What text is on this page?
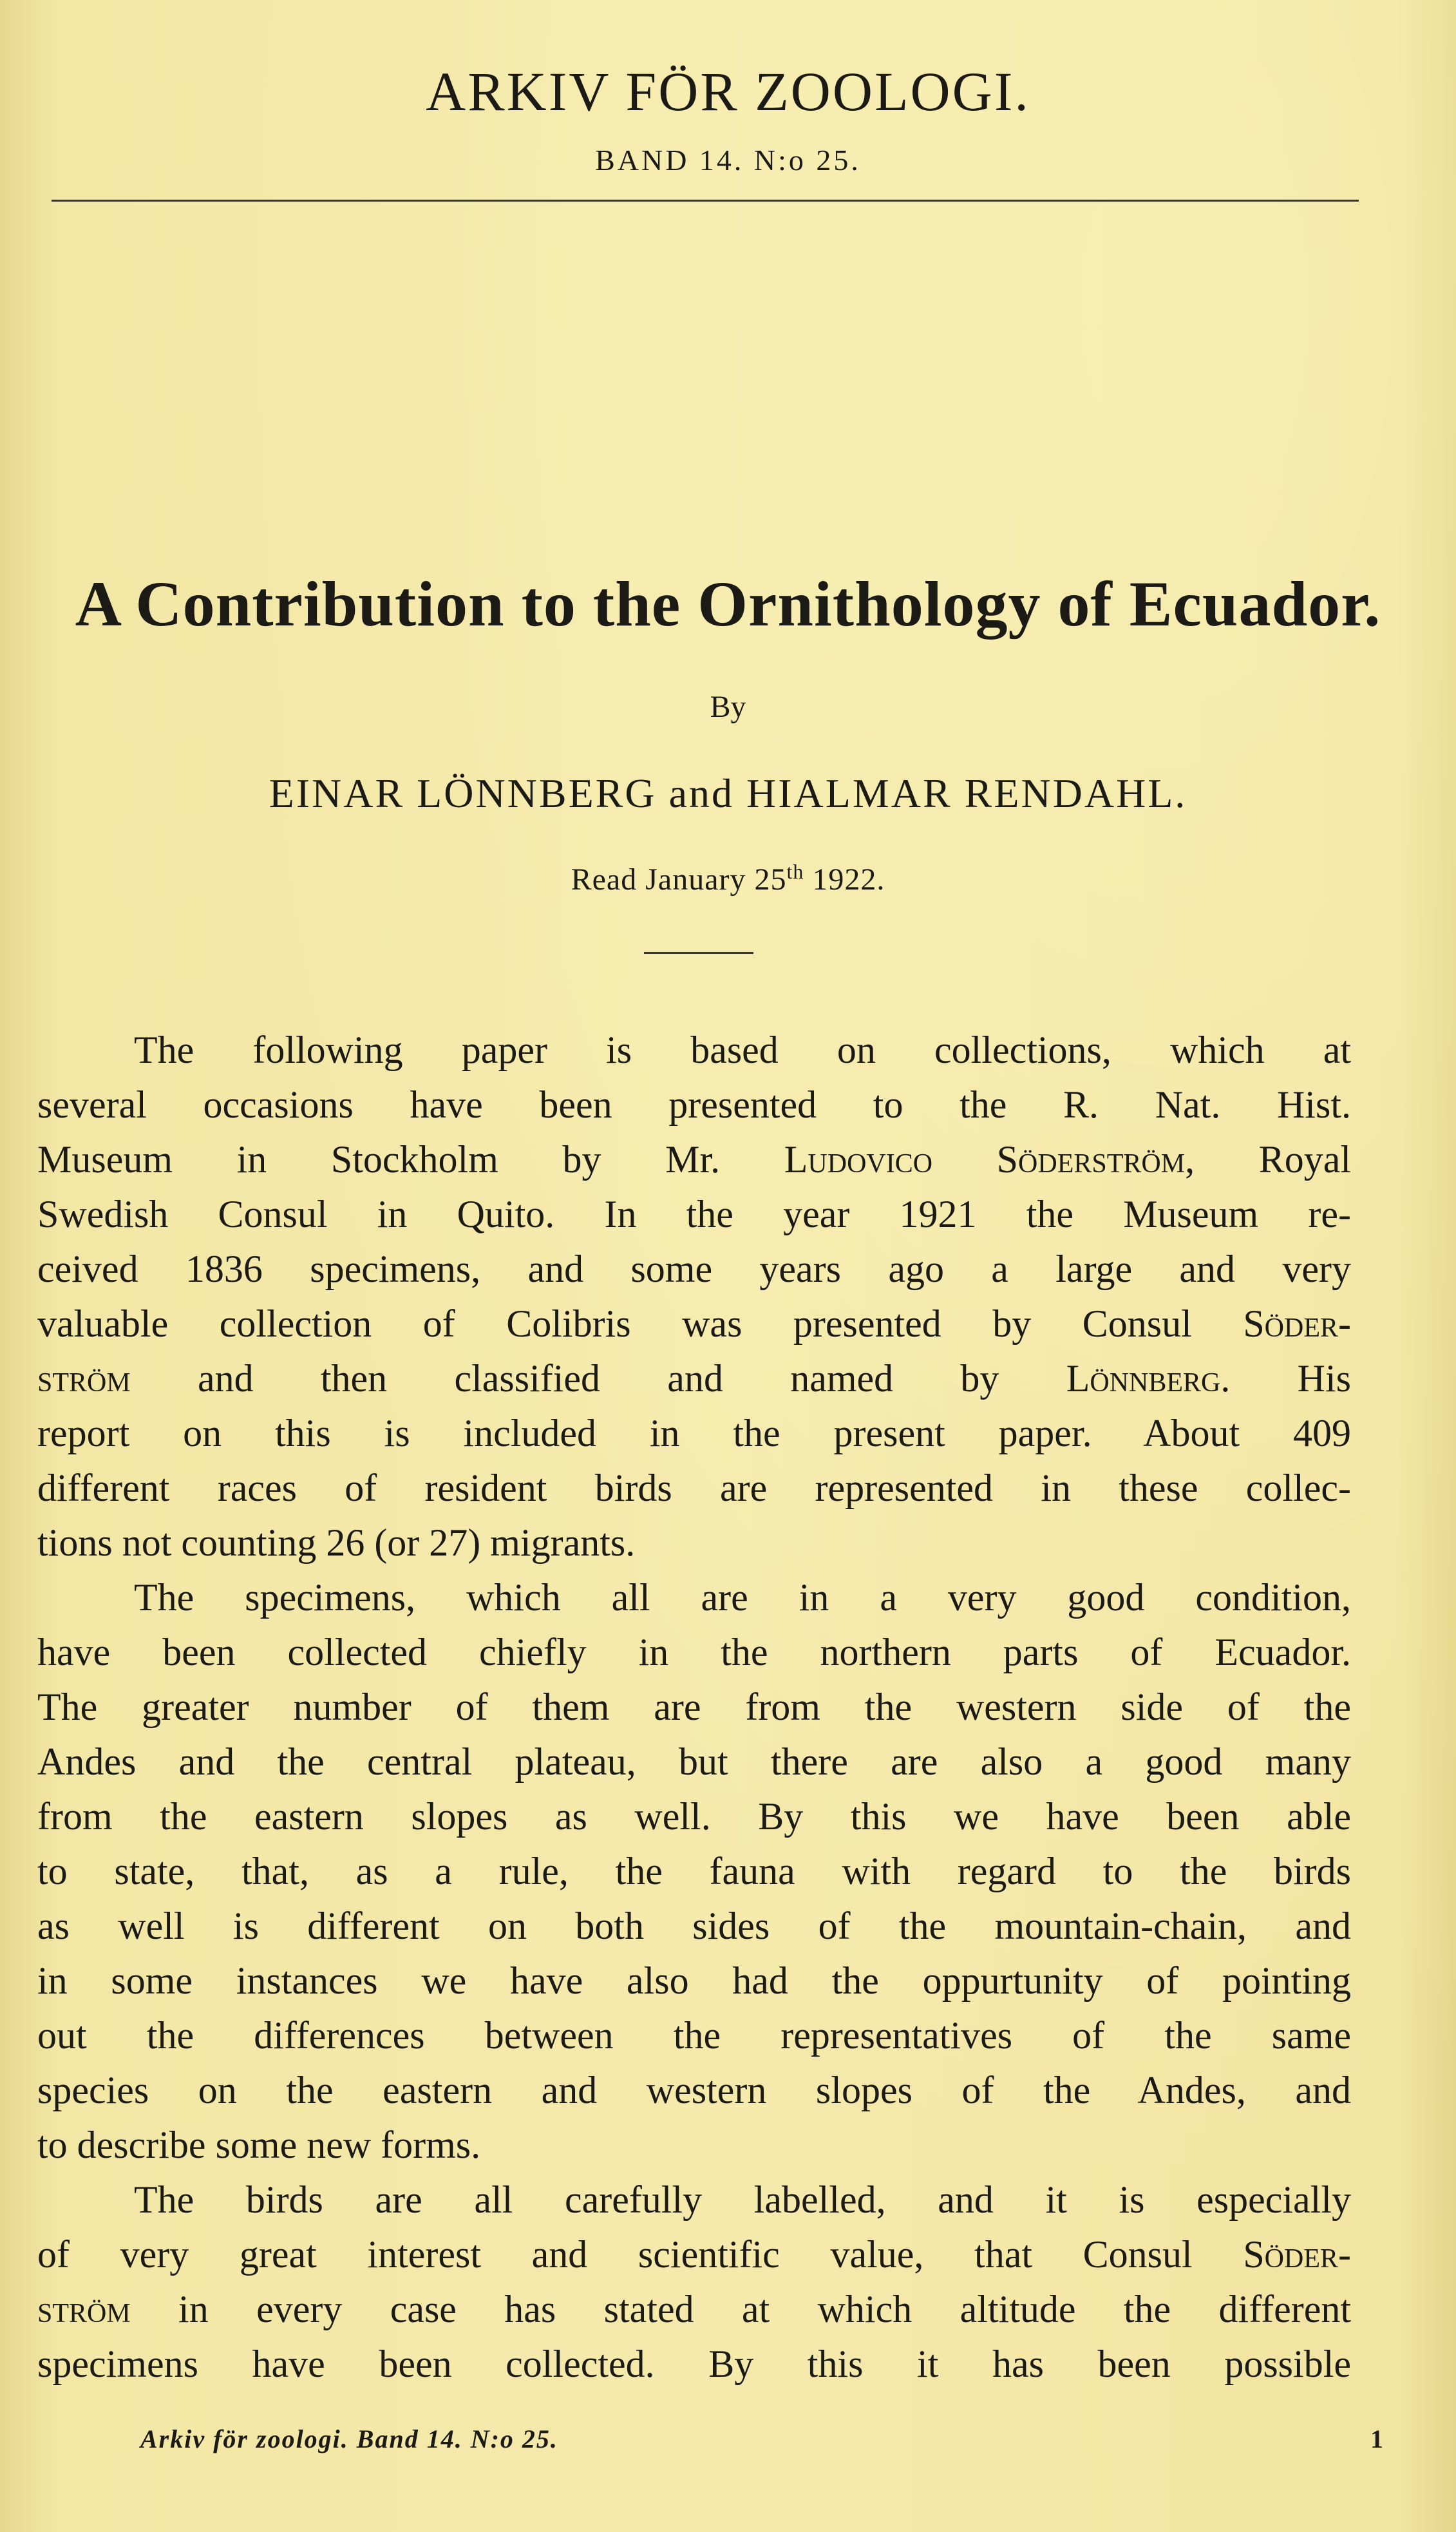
ARKIV FÖR ZOOLOGI.
BAND 14. N:o 25.
A Contribution to the Ornithology of Ecuador.
By
EINAR LÖNNBERG and HIALMAR RENDAHL.
Read January 25th 1922.
The following paper is based on collections, which at
several occasions have been presented to the R. Nat. Hist.
Museum in Stockholm by Mr. Ludovico Söderström, Royal
Swedish Consul in Quito. In the year 1921 the Museum re-
ceived 1836 specimens, and some years ago a large and very
valuable collection of Colibris was presented by Consul Söder-
ström and then classified and named by Lönnberg. His
report on this is included in the present paper. About 409
different races of resident birds are represented in these collec-
tions not counting 26 (or 27) migrants.
The specimens, which all are in a very good condition,
have been collected chiefly in the northern parts of Ecuador.
The greater number of them are from the western side of the
Andes and the central plateau, but there are also a good many
from the eastern slopes as well. By this we have been able
to state, that, as a rule, the fauna with regard to the birds
as well is different on both sides of the mountain-chain, and
in some instances we have also had the oppurtunity of pointing
out the differences between the representatives of the same
species on the eastern and western slopes of the Andes, and
to describe some new forms.
The birds are all carefully labelled, and it is especially
of very great interest and scientific value, that Consul Söder-
ström in every case has stated at which altitude the different
specimens have been collected. By this it has been possible
Arkiv för zoologi. Band 14. N:o 25.	1
